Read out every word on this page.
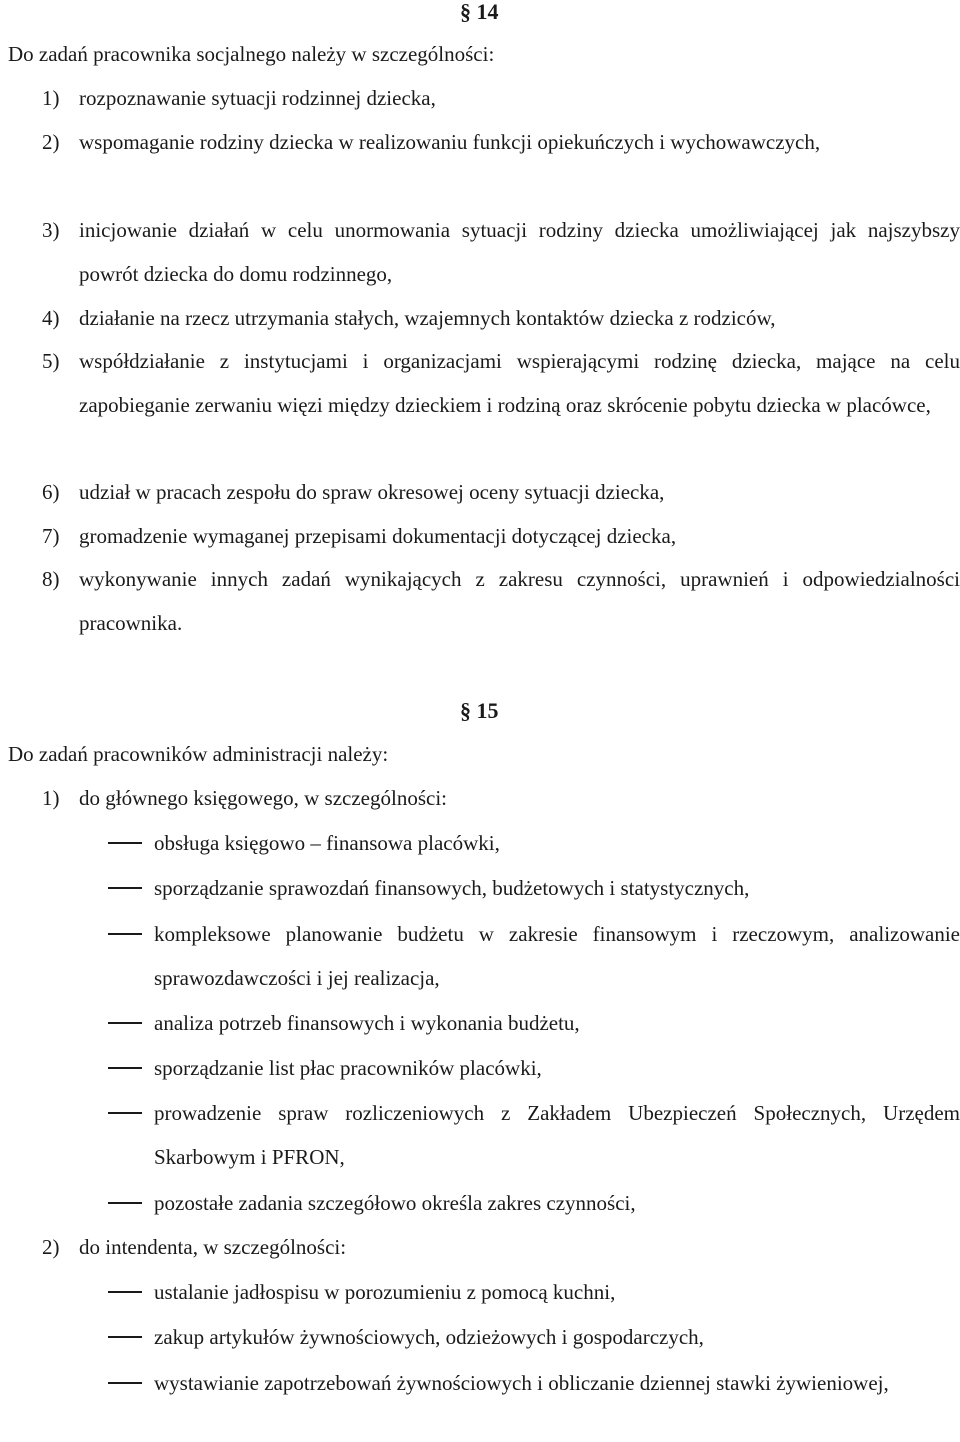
§ 14
Do zadań pracownika socjalnego należy w szczególności:
1) rozpoznawanie sytuacji rodzinnej dziecka,
2) wspomaganie rodziny dziecka w realizowaniu funkcji opiekuńczych i wychowawczych,
3) inicjowanie działań w celu unormowania sytuacji rodziny dziecka umożliwiającej jak najszybszy powrót dziecka do domu rodzinnego,
4) działanie na rzecz utrzymania stałych, wzajemnych kontaktów dziecka z rodziców,
5) współdziałanie z instytucjami i organizacjami wspierającymi rodzinę dziecka, mające na celu zapobieganie zerwaniu więzi między dzieckiem i rodziną oraz skrócenie pobytu dziecka w placówce,
6) udział w pracach zespołu do spraw okresowej oceny sytuacji dziecka,
7) gromadzenie wymaganej przepisami dokumentacji dotyczącej dziecka,
8) wykonywanie innych zadań wynikających z zakresu czynności, uprawnień i odpowiedzialności pracownika.
§ 15
Do zadań pracowników administracji należy:
1) do głównego księgowego, w szczególności:
obsługa księgowo – finansowa placówki,
sporządzanie sprawozdań finansowych, budżetowych i statystycznych,
kompleksowe planowanie budżetu w zakresie finansowym i rzeczowym, analizowanie sprawozdawczości i jej realizacja,
analiza potrzeb finansowych i wykonania budżetu,
sporządzanie list płac pracowników placówki,
prowadzenie spraw rozliczeniowych z Zakładem Ubezpieczeń Społecznych, Urzędem Skarbowym i PFRON,
pozostałe zadania szczegółowo określa zakres czynności,
2) do intendenta, w szczególności:
ustalanie jadłospisu w porozumieniu z pomocą kuchni,
zakup artykułów żywnościowych, odzieżowych i gospodarczych,
wystawianie zapotrzebowań żywnościowych i obliczanie dziennej stawki żywieniowej,
